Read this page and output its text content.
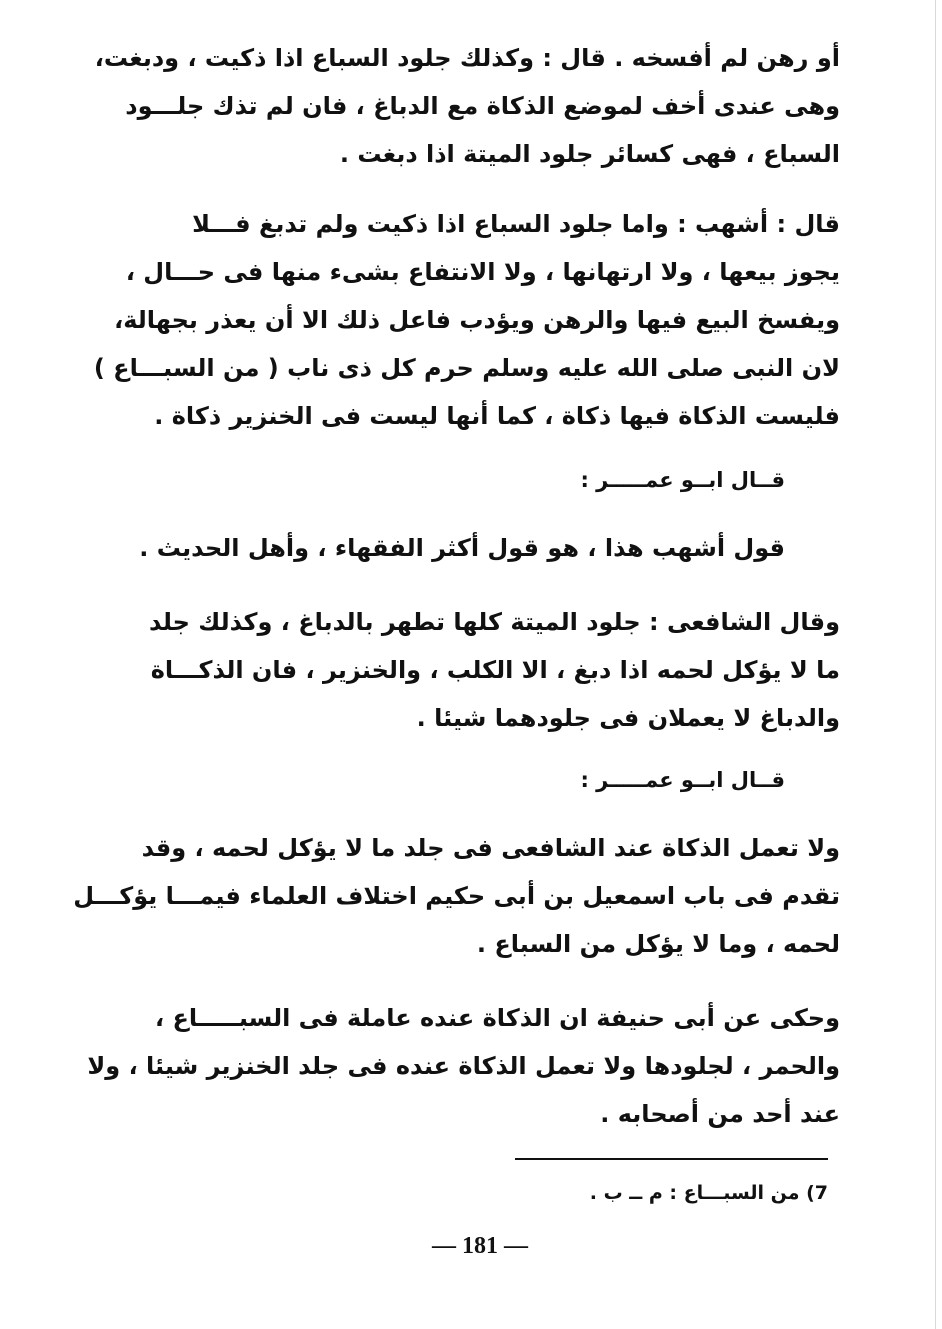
أو رهن لم أفسخه . قال : وكذلك جلود السباع اذا ذكيت ، ودبغت،
وهى عندى أخف لموضع الذكاة مع الدباغ ، فان لم تذك جلـــود
السباع ، فهى كسائر جلود الميتة اذا دبغت .
قال : أشهب : واما جلود السباع اذا ذكيت ولم تدبغ فـــلا
يجوز بيعها ، ولا ارتهانها ، ولا الانتفاع بشىء منها فى حـــال ،
ويفسخ البيع فيها والرهن ويؤدب فاعل ذلك الا أن يعذر بجهالة،
لان النبى صلى الله عليه وسلم حرم كل ذى ناب ( من السبـــاع )
فليست الذكاة فيها ذكاة ، كما أنها ليست فى الخنزير ذكاة .
قــال ابــو عمـــــر :
قول أشهب هذا ، هو قول أكثر الفقهاء ، وأهل الحديث .
وقال الشافعى : جلود الميتة كلها تطهر بالدباغ ، وكذلك جلد
ما لا يؤكل لحمه اذا دبغ ، الا الكلب ، والخنزير ، فان الذكـــاة
والدباغ لا يعملان فى جلودهما شيئا .
قــال ابــو عمـــــر :
ولا تعمل الذكاة عند الشافعى فى جلد ما لا يؤكل لحمه ، وقد
تقدم فى باب اسمعيل بن أبى حكيم اختلاف العلماء فيمـــا يؤكـــل
لحمه ، وما لا يؤكل من السباع .
وحكى عن أبى حنيفة ان الذكاة عنده عاملة فى السبـــــاع ،
والحمر ، لجلودها ولا تعمل الذكاة عنده فى جلد الخنزير شيئا ، ولا
عند أحد من أصحابه .
7) من السبـــاع : م ــ ب .
— 181 —
